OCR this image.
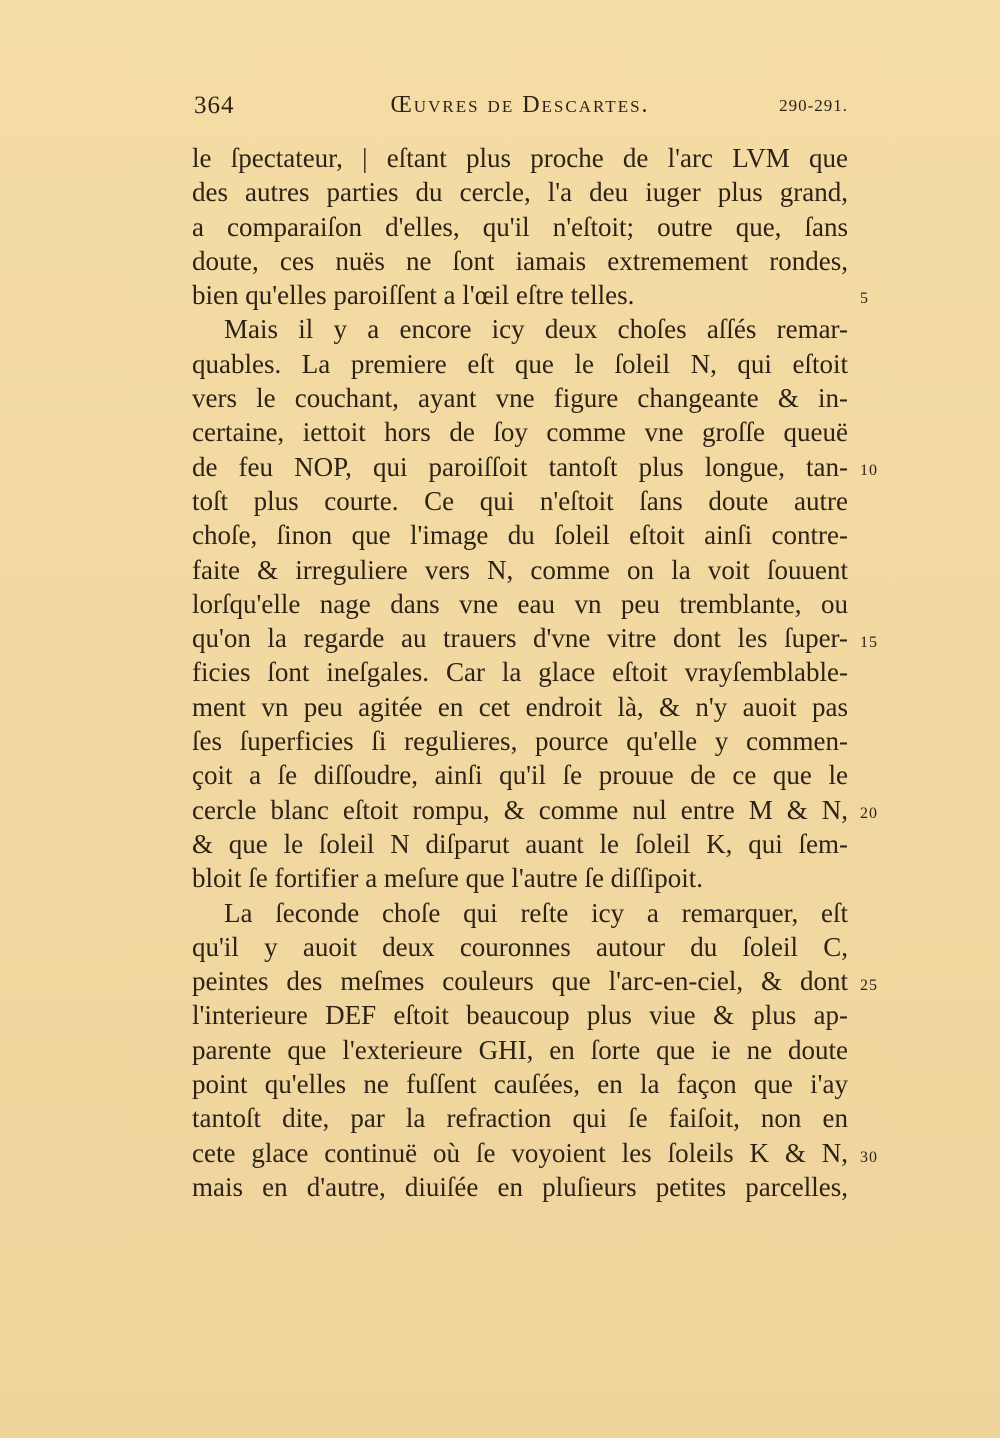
364	Œuvres de Descartes.	290-291.
le ſpectateur, | eſtant plus proche de l'arc LVM que
des autres parties du cercle, l'a deu iuger plus grand,
a comparaiſon d'elles, qu'il n'eſtoit; outre que, ſans
doute, ces nuës ne ſont iamais extremement rondes,
bien qu'elles paroiſſent a l'œil eſtre telles.
Mais il y a encore icy deux choſes aſſés remar-
quables. La premiere eſt que le ſoleil N, qui eſtoit
vers le couchant, ayant vne figure changeante & in-
certaine, iettoit hors de ſoy comme vne groſſe queuë
de feu NOP, qui paroiſſoit tantoſt plus longue, tan-
toſt plus courte. Ce qui n'eſtoit ſans doute autre
choſe, ſinon que l'image du ſoleil eſtoit ainſi contre-
faite & irreguliere vers N, comme on la voit ſouuent
lorſqu'elle nage dans vne eau vn peu tremblante, ou
qu'on la regarde au trauers d'vne vitre dont les ſuper-
ficies ſont ineſgales. Car la glace eſtoit vrayſemblable-
ment vn peu agitée en cet endroit là, & n'y auoit pas
ſes ſuperficies ſi regulieres, pource qu'elle y commen-
çoit a ſe diſſoudre, ainſi qu'il ſe prouue de ce que le
cercle blanc eſtoit rompu, & comme nul entre M & N,
& que le ſoleil N diſparut auant le ſoleil K, qui ſem-
bloit ſe fortifier a meſure que l'autre ſe diſſipoit.
La ſeconde choſe qui reſte icy a remarquer, eſt
qu'il y auoit deux couronnes autour du ſoleil C,
peintes des meſmes couleurs que l'arc-en-ciel, & dont
l'interieure DEF eſtoit beaucoup plus viue & plus ap-
parente que l'exterieure GHI, en ſorte que ie ne doute
point qu'elles ne fuſſent cauſées, en la façon que i'ay
tantoſt dite, par la refraction qui ſe faiſoit, non en
cete glace continuë où ſe voyoient les ſoleils K & N,
mais en d'autre, diuiſée en pluſieurs petites parcelles,
5
10
15
20
25
30
